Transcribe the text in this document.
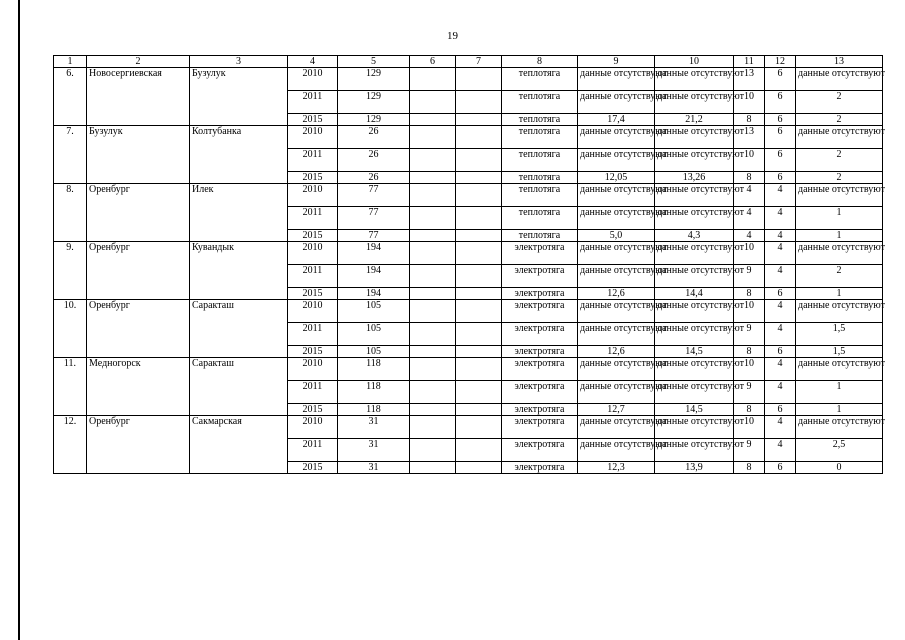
19
1	2	3	4	5	6	7	8	9	10	11	12	13
6.	Новосергиевская	Бузулук	2010	129			теплотяга	данные отсутствуют	данные отсутствуют	13	6	данные отсутствуют
			2011	129			теплотяга	данные отсутствуют	данные отсутствуют	10	6	2
			2015	129			теплотяга	17,4	21,2	8	6	2
7.	Бузулук	Колтубанка	2010	26			теплотяга	данные отсутствуют	данные отсутствуют	13	6	данные отсутствуют
			2011	26			теплотяга	данные отсутствуют	данные отсутствуют	10	6	2
			2015	26			теплотяга	12,05	13,26	8	6	2
8.	Оренбург	Илек	2010	77			теплотяга	данные отсутствуют	данные отсутствуют	4	4	данные отсутствуют
			2011	77			теплотяга	данные отсутствуют	данные отсутствуют	4	4	1
			2015	77			теплотяга	5,0	4,3	4	4	1
9.	Оренбург	Кувандык	2010	194			электротяга	данные отсутствуют	данные отсутствуют	10	4	данные отсутствуют
			2011	194			электротяга	данные отсутствуют	данные отсутствуют	9	4	2
			2015	194			электротяга	12,6	14,4	8	6	1
10.	Оренбург	Саракташ	2010	105			электротяга	данные отсутствуют	данные отсутствуют	10	4	данные отсутствуют
			2011	105			электротяга	данные отсутствуют	данные отсутствуют	9	4	1,5
			2015	105			электротяга	12,6	14,5	8	6	1,5
11.	Медногорск	Саракташ	2010	118			электротяга	данные отсутствуют	данные отсутствуют	10	4	данные отсутствуют
			2011	118			электротяга	данные отсутствуют	данные отсутствуют	9	4	1
			2015	118			электротяга	12,7	14,5	8	6	1
12.	Оренбург	Сакмарская	2010	31			электротяга	данные отсутствуют	данные отсутствуют	10	4	данные отсутствуют
			2011	31			электротяга	данные отсутствуют	данные отсутствуют	9	4	2,5
			2015	31			электротяга	12,3	13,9	8	6	0
